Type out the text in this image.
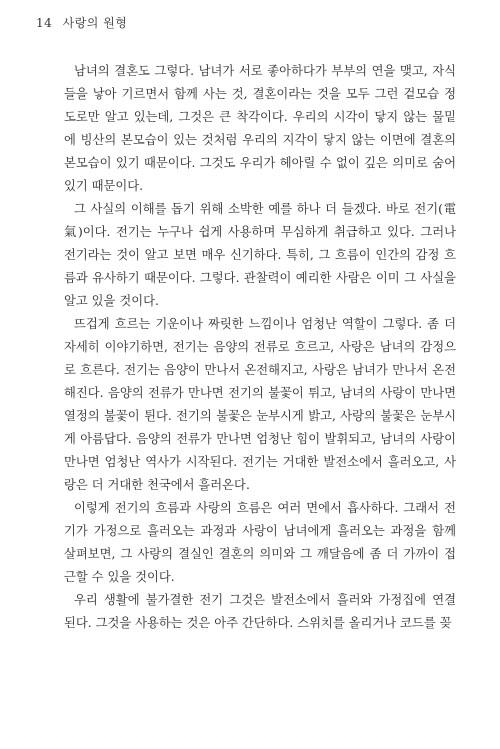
14 사랑의 원형
남녀의 결혼도 그렇다. 남녀가 서로 좋아하다가 부부의 연을 맺고, 자식
들을 낳아 기르면서 함께 사는 것, 결혼이라는 것을 모두 그런 겉모습 정
도로만 알고 있는데, 그것은 큰 착각이다. 우리의 시각이 닿지 않는 물밑
에 빙산의 본모습이 있는 것처럼 우리의 지각이 닿지 않는 이면에 결혼의
본모습이 있기 때문이다. 그것도 우리가 헤아릴 수 없이 깊은 의미로 숨어
있기 때문이다.
그 사실의 이해를 돕기 위해 소박한 예를 하나 더 들겠다. 바로 전기(電
氣)이다. 전기는 누구나 쉽게 사용하며 무심하게 취급하고 있다. 그러나
전기라는 것이 알고 보면 매우 신기하다. 특히, 그 흐름이 인간의 감정 흐
름과 유사하기 때문이다. 그렇다. 관찰력이 예리한 사람은 이미 그 사실을
알고 있을 것이다.
뜨겁게 흐르는 기운이나 짜릿한 느낌이나 엄청난 역할이 그렇다. 좀 더
자세히 이야기하면, 전기는 음양의 전류로 흐르고, 사랑은 남녀의 감정으
로 흐른다. 전기는 음양이 만나서 온전해지고, 사랑은 남녀가 만나서 온전
해진다. 음양의 전류가 만나면 전기의 불꽃이 튀고, 남녀의 사랑이 만나면
열정의 불꽃이 튄다. 전기의 불꽃은 눈부시게 밝고, 사랑의 불꽃은 눈부시
게 아름답다. 음양의 전류가 만나면 엄청난 힘이 발휘되고, 남녀의 사랑이
만나면 엄청난 역사가 시작된다. 전기는 거대한 발전소에서 흘러오고, 사
랑은 더 거대한 천국에서 흘러온다.
이렇게 전기의 흐름과 사랑의 흐름은 여러 면에서 흡사하다. 그래서 전
기가 가정으로 흘러오는 과정과 사랑이 남녀에게 흘러오는 과정을 함께
살펴보면, 그 사랑의 결실인 결혼의 의미와 그 깨달음에 좀 더 가까이 접
근할 수 있을 것이다.
우리 생활에 불가결한 전기 그것은 발전소에서 흘러와 가정집에 연결
된다. 그것을 사용하는 것은 아주 간단하다. 스위치를 올리거나 코드를 꽂
